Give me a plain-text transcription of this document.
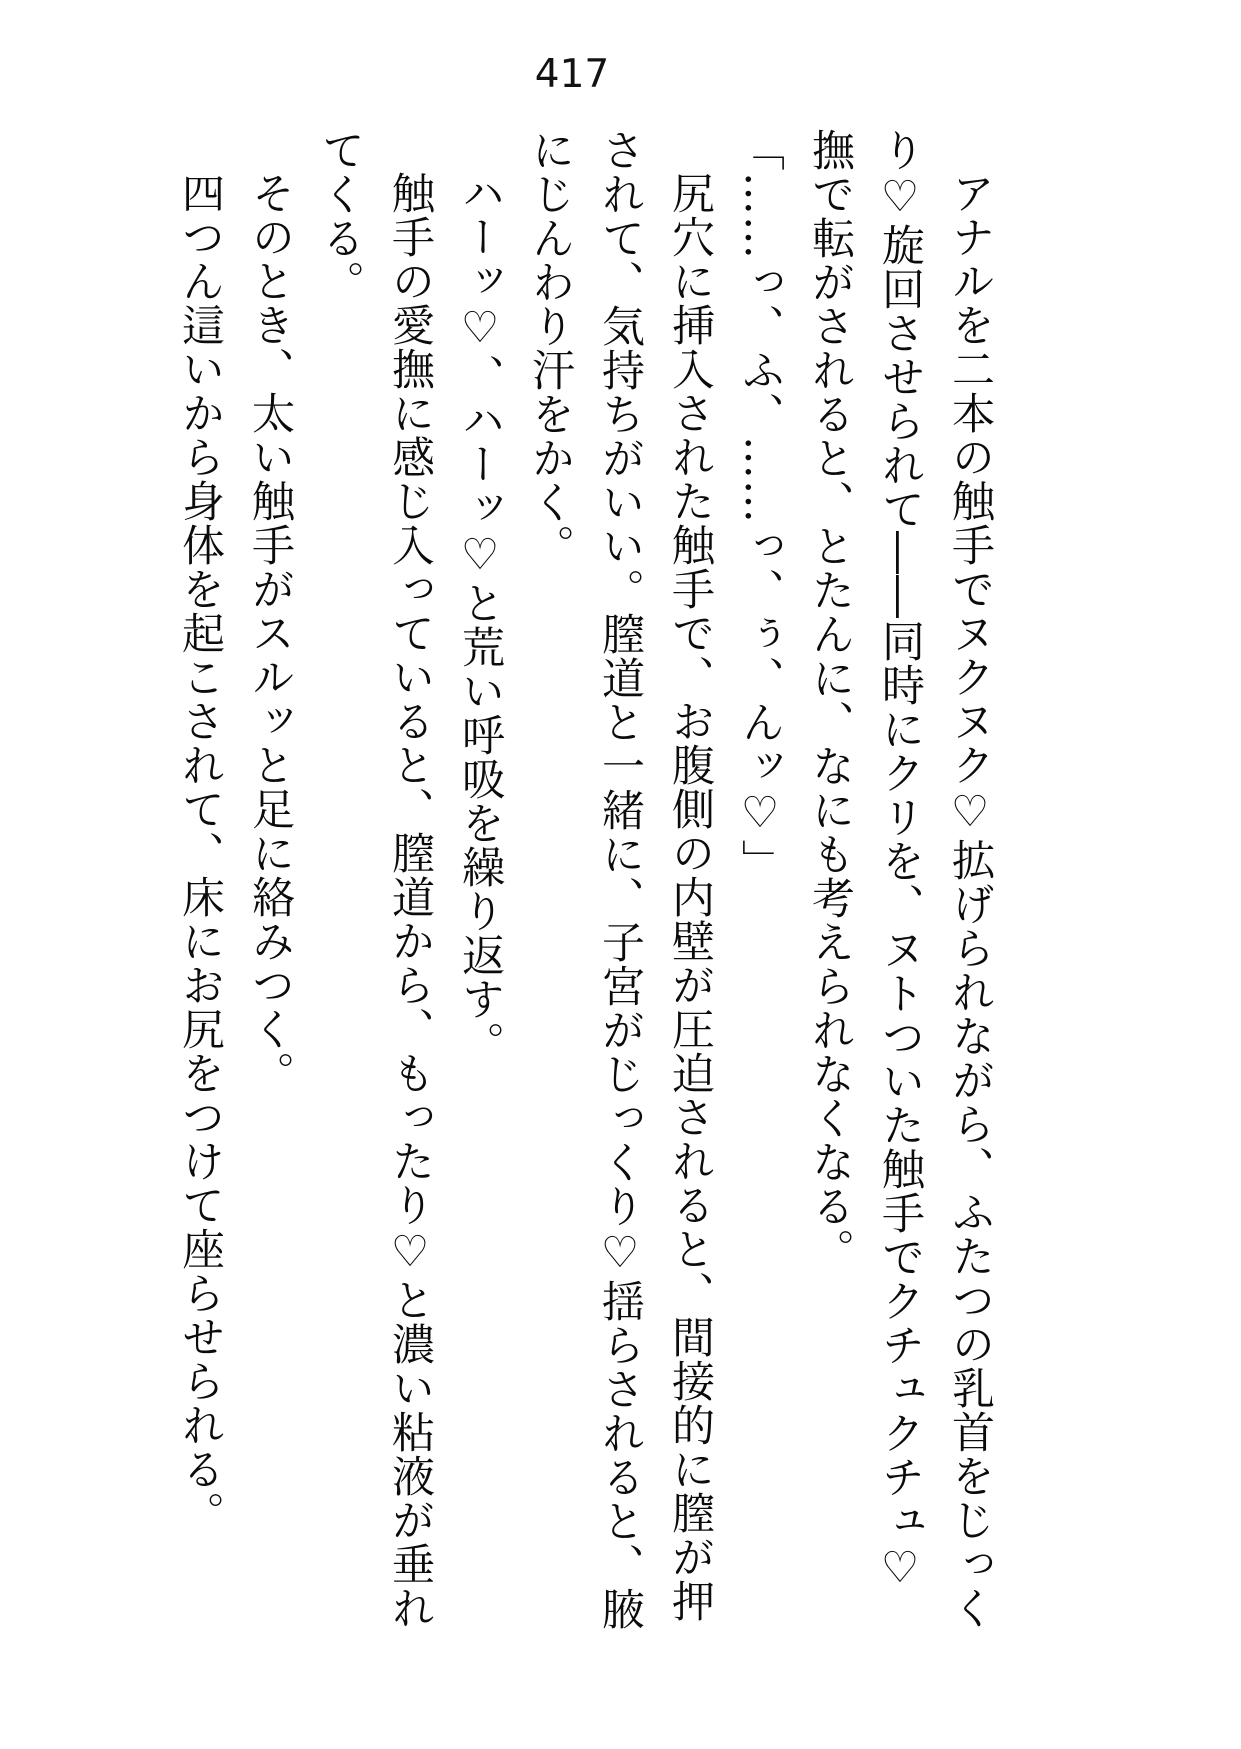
417

アナルを二本の触手でヌクヌク♡拡げられながら、ふたつの乳首をじっくり♡旋回させられて――同時にクリを、ヌトついた触手でクチュクチュ♡撫で転がされると、とたんに、なにも考えられなくなる。

「……っ、ふ、……っ、ぅ、んッ♡」

尻穴に挿入された触手で、お腹側の内壁が圧迫されると、間接的に膣が押されて、気持ちがいい。膣道と一緒に、子宮がじっくり♡揺らされると、腋にじんわり汗をかく。

ハーッ♡、ハーッ♡と荒い呼吸を繰り返す。

触手の愛撫に感じ入っていると、膣道から、もったり♡と濃い粘液が垂れてくる。

そのとき、太い触手がスルッと足に絡みつく。

四つん這いから身体を起こされて、床にお尻をつけて座らせられる。
